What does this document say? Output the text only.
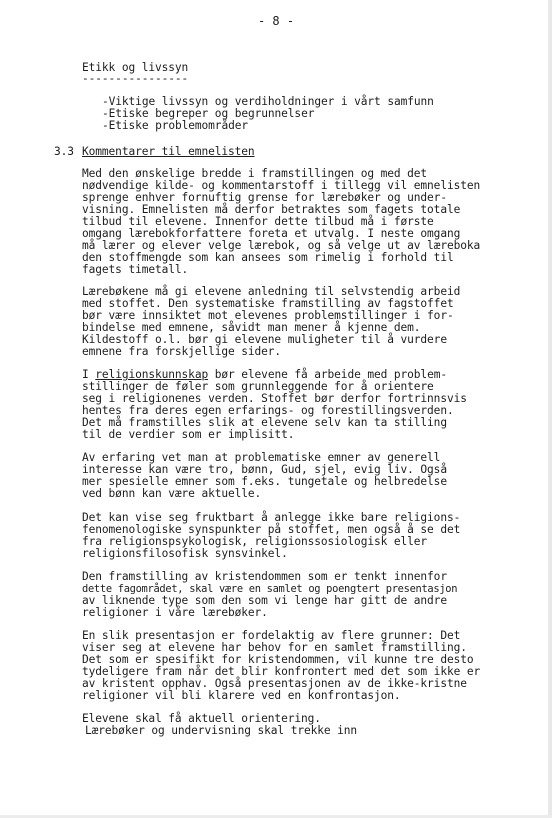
- 8 -
Etikk og livssyn
----------------
-Viktige livssyn og verdiholdninger i vårt samfunn
-Etiske begreper og begrunnelser
-Etiske problemområder
3.3 Kommentarer til emnelisten
Med den ønskelige bredde i framstillingen og med det
nødvendige kilde- og kommentarstoff i tillegg vil emnelisten
sprenge enhver fornuftig grense for lærebøker og under-
visning. Emnelisten må derfor betraktes som fagets totale
tilbud til elevene. Innenfor dette tilbud må i første
omgang lærebokforfattere foreta et utvalg. I neste omgang
må lærer og elever velge lærebok, og så velge ut av læreboka
den stoffmengde som kan ansees som rimelig i forhold til
fagets timetall.
Lærebøkene må gi elevene anledning til selvstendig arbeid
med stoffet. Den systematiske framstilling av fagstoffet
bør være innsiktet mot elevenes problemstillinger i for-
bindelse med emnene, såvidt man mener å kjenne dem.
Kildestoff o.l. bør gi elevene muligheter til å vurdere
emnene fra forskjellige sider.
I religionskunnskap bør elevene få arbeide med problem-
stillinger de føler som grunnleggende for å orientere
seg i religionenes verden. Stoffet bør derfor fortrinnsvis
hentes fra deres egen erfarings- og forestillingsverden.
Det må framstilles slik at elevene selv kan ta stilling
til de verdier som er implisitt.
Av erfaring vet man at problematiske emner av generell
interesse kan være tro, bønn, Gud, sjel, evig liv. Også
mer spesielle emner som f.eks. tungetale og helbredelse
ved bønn kan være aktuelle.
Det kan vise seg fruktbart å anlegge ikke bare religions-
fenomenologiske synspunkter på stoffet, men også å se det
fra religionspsykologisk, religionssosiologisk eller
religionsfilosofisk synsvinkel.
Den framstilling av kristendommen som er tenkt innenfor
dette fagområdet, skal være en samlet og poengtert presentasjon
av liknende type som den som vi lenge har gitt de andre
religioner i våre lærebøker.
En slik presentasjon er fordelaktig av flere grunner: Det
viser seg at elevene har behov for en samlet framstilling.
Det som er spesifikt for kristendommen, vil kunne tre desto
tydeligere fram når det blir konfrontert med det som ikke er
av kristent opphav. Også presentasjonen av de ikke-kristne
religioner vil bli klarere ved en konfrontasjon.
Elevene skal få aktuell orientering.
Lærebøker og undervisning skal trekke inn
